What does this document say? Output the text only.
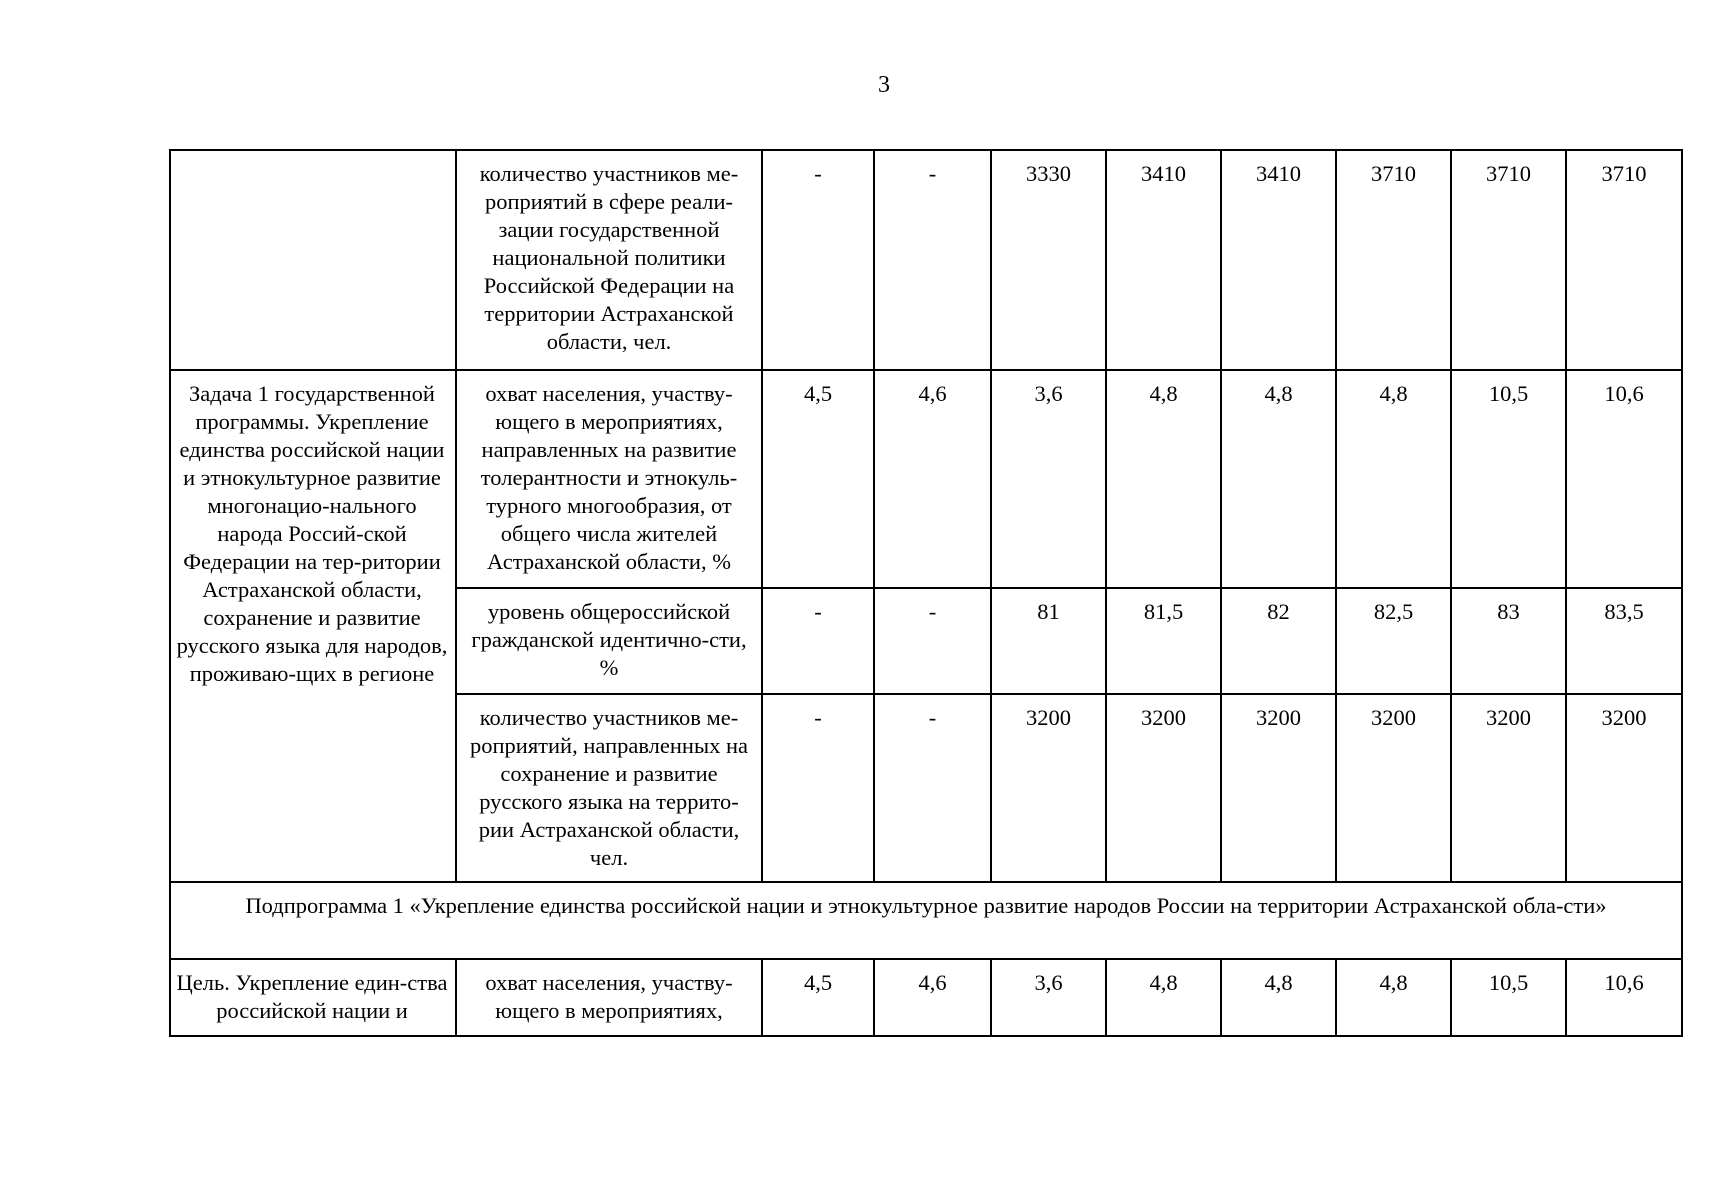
3
	количество участников ме-роприятий в сфере реали-зации государственной национальной политики Российской Федерации на территории Астраханской области, чел.	-	-	3330	3410	3410	3710	3710	3710
Задача 1 государственной программы. Укрепление единства российской нации и этнокультурное развитие многонацио-нального народа Россий-ской Федерации на тер-ритории Астраханской области, сохранение и развитие русского языка для народов, проживаю-щих в регионе	охват населения, участву-ющего в мероприятиях, направленных на развитие толерантности и этнокуль-турного многообразия, от общего числа жителей Астраханской области, %	4,5	4,6	3,6	4,8	4,8	4,8	10,5	10,6
	уровень общероссийской гражданской идентично-сти, %	-	-	81	81,5	82	82,5	83	83,5
	количество участников ме-роприятий, направленных на сохранение и развитие русского языка на террито-рии Астраханской области, чел.	-	-	3200	3200	3200	3200	3200	3200
Подпрограмма 1 «Укрепление единства российской нации и этнокультурное развитие народов России на территории Астраханской обла-сти»									
Цель. Укрепление един-ства российской нации и	охват населения, участву-ющего в мероприятиях,	4,5	4,6	3,6	4,8	4,8	4,8	10,5	10,6
